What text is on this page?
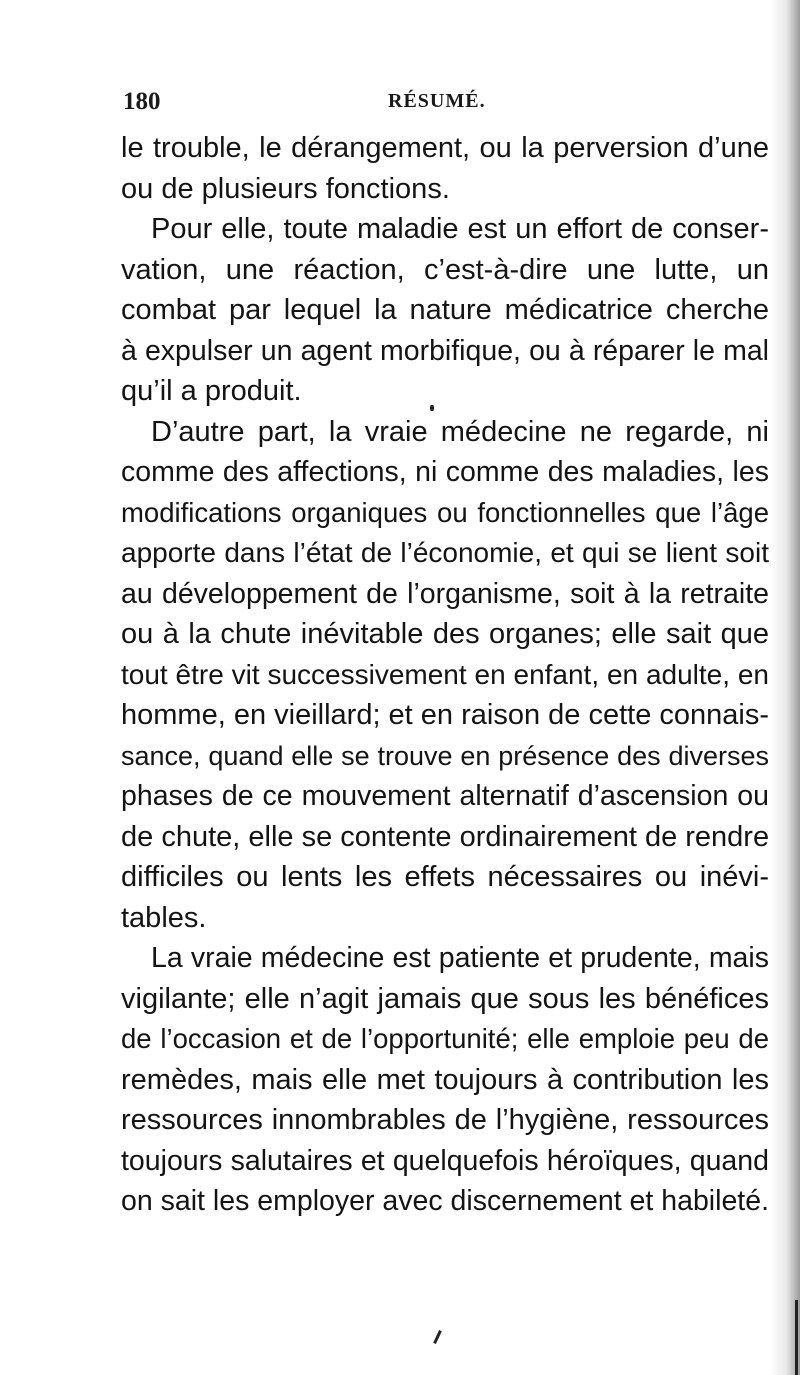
180	RÉSUMÉ.
le trouble, le dérangement, ou la perversion d’une
ou de plusieurs fonctions.
Pour elle, toute maladie est un effort de conser-
vation, une réaction, c’est-à-dire une lutte, un
combat par lequel la nature médicatrice cherche
à expulser un agent morbifique, ou à réparer le mal
qu’il a produit.
D’autre part, la vraie médecine ne regarde, ni
comme des affections, ni comme des maladies, les
modifications organiques ou fonctionnelles que l’âge
apporte dans l’état de l’économie, et qui se lient soit
au développement de l’organisme, soit à la retraite
ou à la chute inévitable des organes; elle sait que
tout être vit successivement en enfant, en adulte, en
homme, en vieillard; et en raison de cette connais-
sance, quand elle se trouve en présence des diverses
phases de ce mouvement alternatif d’ascension ou
de chute, elle se contente ordinairement de rendre
difficiles ou lents les effets nécessaires ou inévi-
tables.
La vraie médecine est patiente et prudente, mais
vigilante; elle n’agit jamais que sous les bénéfices
de l’occasion et de l’opportunité; elle emploie peu de
remèdes, mais elle met toujours à contribution les
ressources innombrables de l’hygiène, ressources
toujours salutaires et quelquefois héroïques, quand
on sait les employer avec discernement et habileté.
